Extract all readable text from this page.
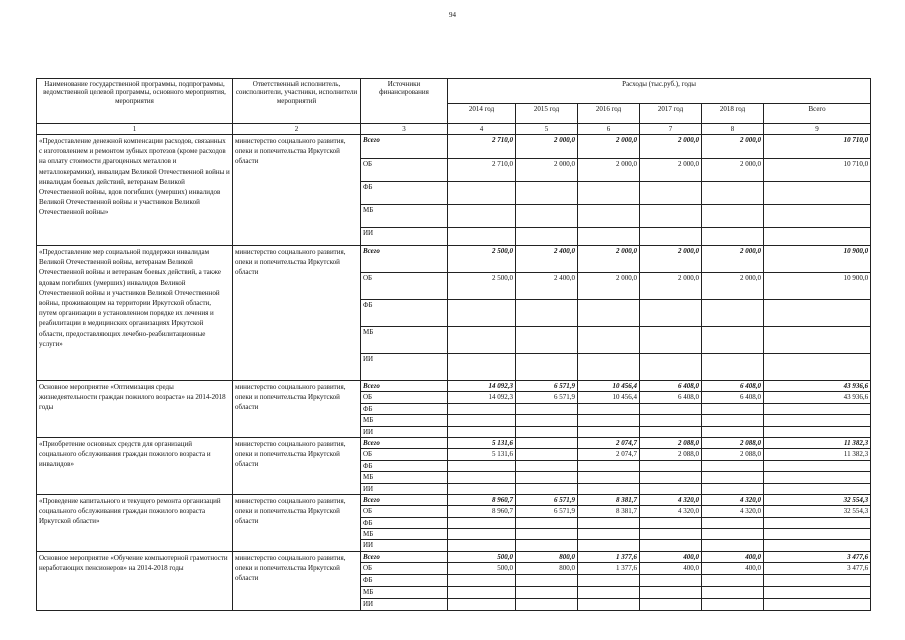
94
Наименование государственной программы, подпрограммы, ведомственной целевой программы, основного мероприятия, мероприятия	Ответственный исполнитель, соисполнители, участники, исполнители мероприятий	Источники финансирования	Расходы (тыс.руб.), годы					
			2014 год	2015 год	2016 год	2017 год	2018 год	Всего
1	2	3	4	5	6	7	8	9
«Предоставление денежной компенсации расходов, связанных с изготовлением и ремонтом зубных протезов (кроме расходов на оплату стоимости драгоценных металлов и металлокерамики), инвалидам Великой Отечественной войны и инвалидам боевых действий, ветеранам Великой Отечественной войны, вдов погибших (умерших) инвалидов Великой Отечественной войны и участников Великой Отечественной войны»	министерство социального развития, опеки и попечительства Иркутской области	Всего	2 710,0	2 000,0	2 000,0	2 000,0	2 000,0	10 710,0
		ОБ	2 710,0	2 000,0	2 000,0	2 000,0	2 000,0	10 710,0
		ФБ						
		МБ						
		ИИ						
«Предоставление мер социальной поддержки инвалидам Великой Отечественной войны, ветеранам Великой Отечественной войны и ветеранам боевых действий, а также вдовам погибших (умерших) инвалидов Великой Отечественной войны и участников Великой Отечественной войны, проживающим на территории Иркутской области, путем организации в установленном порядке их лечения и реабилитации в медицинских организациях Иркутской области, предоставляющих лечебно-реабилитационные услуги»	министерство социального развития, опеки и попечительства Иркутской области	Всего	2 500,0	2 400,0	2 000,0	2 000,0	2 000,0	10 900,0
		ОБ	2 500,0	2 400,0	2 000,0	2 000,0	2 000,0	10 900,0
		ФБ						
		МБ						
		ИИ						
Основное мероприятие «Оптимизация среды жизнедеятельности граждан пожилого возраста» на 2014-2018 годы	министерство социального развития, опеки и попечительства Иркутской области	Всего	14 092,3	6 571,9	10 456,4	6 408,0	6 408,0	43 936,6
		ОБ	14 092,3	6 571,9	10 456,4	6 408,0	6 408,0	43 936,6
		ФБ						
		МБ						
		ИИ						
«Приобретение основных средств для организаций социального обслуживания граждан пожилого возраста и инвалидов»	министерство социального развития, опеки и попечительства Иркутской области	Всего	5 131,6		2 074,7	2 088,0	2 088,0	11 382,3
		ОБ	5 131,6		2 074,7	2 088,0	2 088,0	11 382,3
		ФБ						
		МБ						
		ИИ						
«Проведение капитального и текущего ремонта организаций социального обслуживания граждан пожилого возраста Иркутской области»	министерство социального развития, опеки и попечительства Иркутской области	Всего	8 960,7	6 571,9	8 381,7	4 320,0	4 320,0	32 554,3
		ОБ	8 960,7	6 571,9	8 381,7	4 320,0	4 320,0	32 554,3
		ФБ						
		МБ						
		ИИ						
Основное мероприятие «Обучение компьютерной грамотности неработающих пенсионеров» на 2014-2018 годы	министерство социального развития, опеки и попечительства Иркутской области	Всего	500,0	800,0	1 377,6	400,0	400,0	3 477,6
		ОБ	500,0	800,0	1 377,6	400,0	400,0	3 477,6
		ФБ						
		МБ						
		ИИ						
